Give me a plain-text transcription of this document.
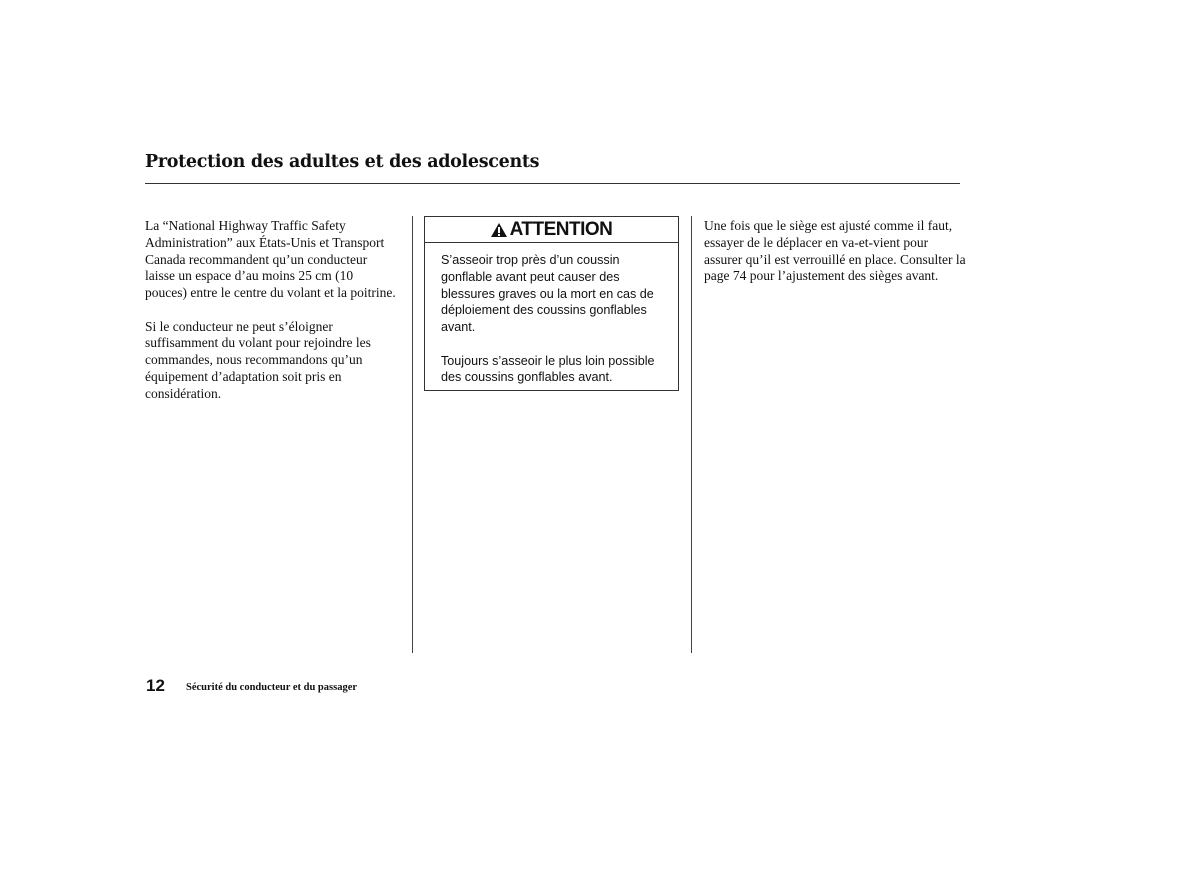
Protection des adultes et des adolescents

La “National Highway Traffic Safety Administration” aux États-Unis et Transport Canada recommandent qu’un conducteur laisse un espace d’au moins 25 cm (10 pouces) entre le centre du volant et la poitrine.

Si le conducteur ne peut s’éloigner suffisamment du volant pour rejoindre les commandes, nous recommandons qu’un équipement d’adaptation soit pris en considération.

ATTENTION

S’asseoir trop près d’un coussin gonflable avant peut causer des blessures graves ou la mort en cas de déploiement des coussins gonflables avant.

Toujours s’asseoir le plus loin possible des coussins gonflables avant.

Une fois que le siège est ajusté comme il faut, essayer de le déplacer en va-et-vient pour assurer qu’il est verrouillé en place. Consulter la page 74 pour l’ajustement des sièges avant.

12 Sécurité du conducteur et du passager
